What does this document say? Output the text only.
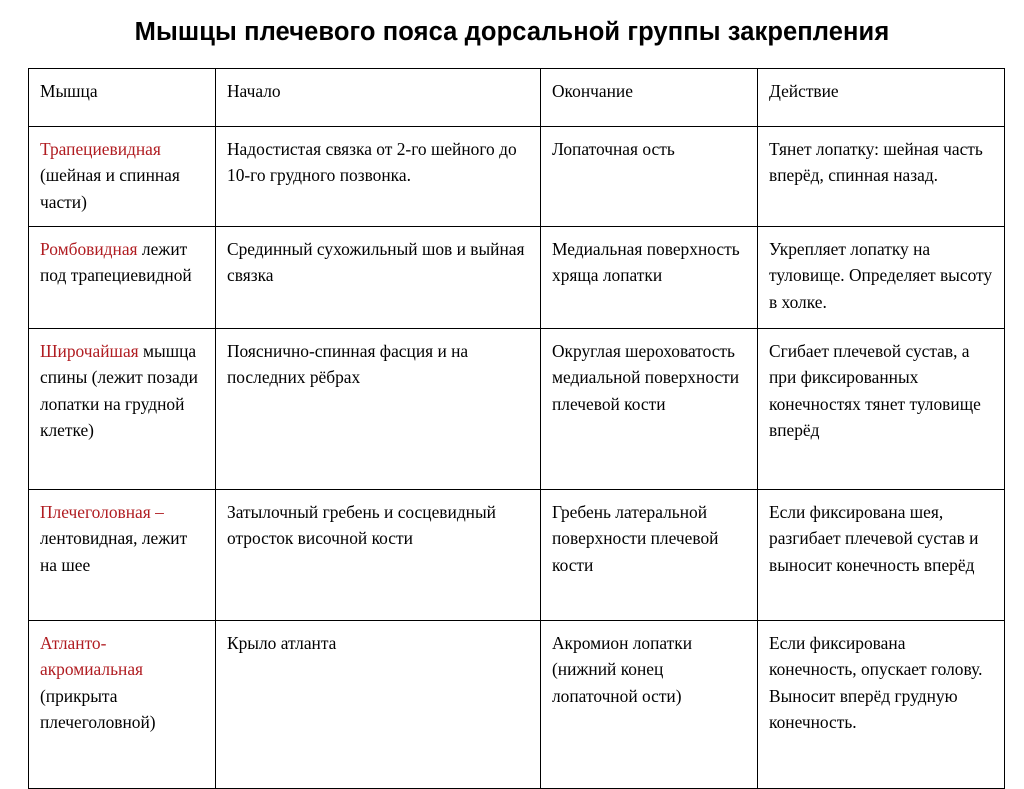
Мышцы плечевого пояса дорсальной группы закрепления
Мышца	Начало	Окончание	Действие
Трапециевидная (шейная и спинная части)	Надостистая связка от 2-го шейного до 10-го грудного позвонка.	Лопаточная ость	Тянет лопатку: шейная часть вперёд, спинная назад.
Ромбовидная лежит под трапециевидной	Срединный сухожильный шов и выйная связка	Медиальная поверхность хряща лопатки	Укрепляет лопатку на туловище. Определяет высоту в холке.
Широчайшая мышца спины (лежит позади лопатки на грудной клетке)	Пояснично-спинная фасция и на последних рёбрах	Округлая шероховатость медиальной поверхности плечевой кости	Сгибает плечевой сустав, а при фиксированных конечностях тянет туловище вперёд
Плечеголовная – лентовидная, лежит на шее	Затылочный гребень и сосцевидный отросток височной кости	Гребень латеральной поверхности плечевой кости	Если фиксирована шея, разгибает плечевой сустав и выносит конечность вперёд
Атланто-акромиальная (прикрыта плечеголовной)	Крыло атланта	Акромион лопатки (нижний конец лопаточной ости)	Если фиксирована конечность, опускает голову. Выносит вперёд грудную конечность.
